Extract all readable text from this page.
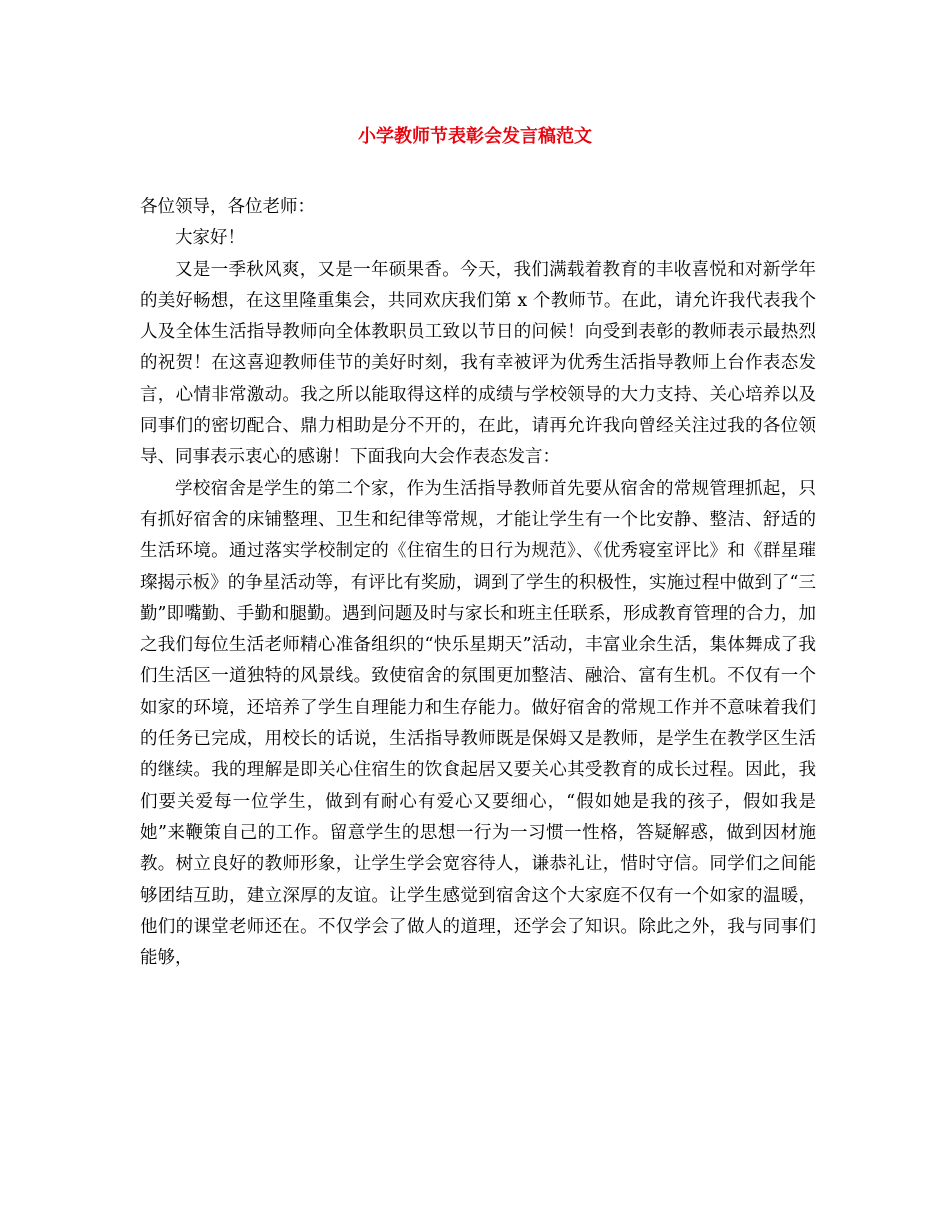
小学教师节表彰会发言稿范文

各位领导，各位老师：

大家好！

又是一季秋风爽，又是一年硕果香。今天，我们满载着教育的丰收喜悦和对新学年的美好畅想，在这里隆重集会，共同欢庆我们第 x 个教师节。在此，请允许我代表我个人及全体生活指导教师向全体教职员工致以节日的问候！向受到表彰的教师表示最热烈的祝贺！在这喜迎教师佳节的美好时刻，我有幸被评为优秀生活指导教师上台作表态发言，心情非常激动。我之所以能取得这样的成绩与学校领导的大力支持、关心培养以及同事们的密切配合、鼎力相助是分不开的，在此，请再允许我向曾经关注过我的各位领导、同事表示衷心的感谢！下面我向大会作表态发言：

学校宿舍是学生的第二个家，作为生活指导教师首先要从宿舍的常规管理抓起，只有抓好宿舍的床铺整理、卫生和纪律等常规，才能让学生有一个比安静、整洁、舒适的生活环境。通过落实学校制定的《住宿生的日行为规范》、《优秀寝室评比》和《群星璀璨揭示板》的争星活动等，有评比有奖励，调到了学生的积极性，实施过程中做到了“三勤”即嘴勤、手勤和腿勤。遇到问题及时与家长和班主任联系，形成教育管理的合力，加之我们每位生活老师精心准备组织的“快乐星期天”活动，丰富业余生活，集体舞成了我们生活区一道独特的风景线。致使宿舍的氛围更加整洁、融洽、富有生机。不仅有一个如家的环境，还培养了学生自理能力和生存能力。做好宿舍的常规工作并不意味着我们的任务已完成，用校长的话说，生活指导教师既是保姆又是教师，是学生在教学区生活的继续。我的理解是即关心住宿生的饮食起居又要关心其受教育的成长过程。因此，我们要关爱每一位学生，做到有耐心有爱心又要细心，“假如她是我的孩子，假如我是她”来鞭策自己的工作。留意学生的思想一行为一习惯一性格，答疑解惑，做到因材施教。树立良好的教师形象，让学生学会宽容待人，谦恭礼让，惜时守信。同学们之间能够团结互助，建立深厚的友谊。让学生感觉到宿舍这个大家庭不仅有一个如家的温暖，他们的课堂老师还在。不仅学会了做人的道理，还学会了知识。除此之外，我与同事们能够，
